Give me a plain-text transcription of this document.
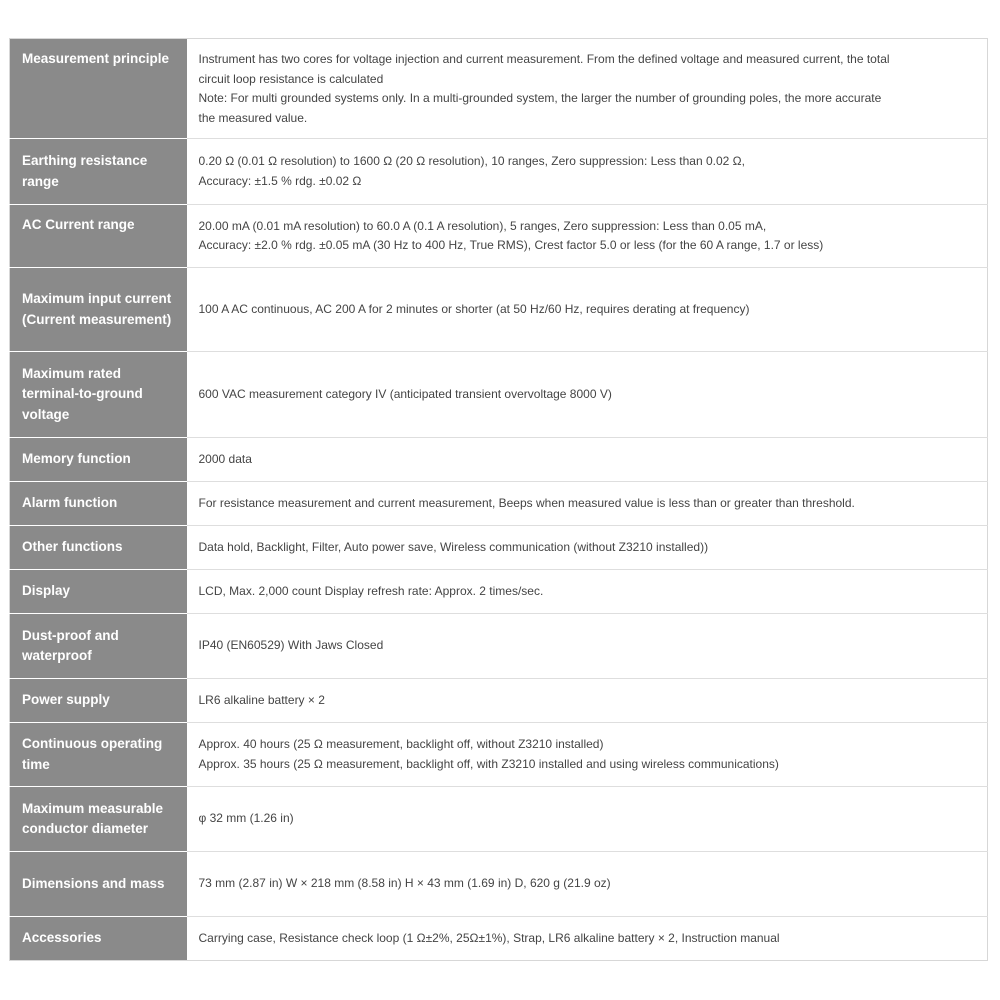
Measurement principle	Instrument has two cores for voltage injection and current measurement. From the defined voltage and measured current, the total
circuit loop resistance is calculated
Note: For multi grounded systems only. In a multi-grounded system, the larger the number of grounding poles, the more accurate
the measured value.

Earthing resistance range	0.20 Ω (0.01 Ω resolution) to 1600 Ω (20 Ω resolution), 10 ranges, Zero suppression: Less than 0.02 Ω,
Accuracy: ±1.5 % rdg. ±0.02 Ω

AC Current range	20.00 mA (0.01 mA resolution) to 60.0 A (0.1 A resolution), 5 ranges, Zero suppression: Less than 0.05 mA,
Accuracy: ±2.0 % rdg. ±0.05 mA (30 Hz to 400 Hz, True RMS), Crest factor 5.0 or less (for the 60 A range, 1.7 or less)

Maximum input current (Current measurement)	100 A AC continuous, AC 200 A for 2 minutes or shorter (at 50 Hz/60 Hz, requires derating at frequency)

Maximum rated terminal-to-ground voltage	600 VAC measurement category IV (anticipated transient overvoltage 8000 V)

Memory function	2000 data

Alarm function	For resistance measurement and current measurement, Beeps when measured value is less than or greater than threshold.

Other functions	Data hold, Backlight, Filter, Auto power save, Wireless communication (without Z3210 installed))

Display	LCD, Max. 2,000 count Display refresh rate: Approx. 2 times/sec.

Dust-proof and waterproof	IP40 (EN60529) With Jaws Closed

Power supply	LR6 alkaline battery × 2

Continuous operating time	Approx. 40 hours (25 Ω measurement, backlight off, without Z3210 installed)
Approx. 35 hours (25 Ω measurement, backlight off, with Z3210 installed and using wireless communications)

Maximum measurable conductor diameter	φ 32 mm (1.26 in)

Dimensions and mass	73 mm (2.87 in) W × 218 mm (8.58 in) H × 43 mm (1.69 in) D, 620 g (21.9 oz)

Accessories	Carrying case, Resistance check loop (1 Ω±2%, 25Ω±1%), Strap, LR6 alkaline battery × 2, Instruction manual
